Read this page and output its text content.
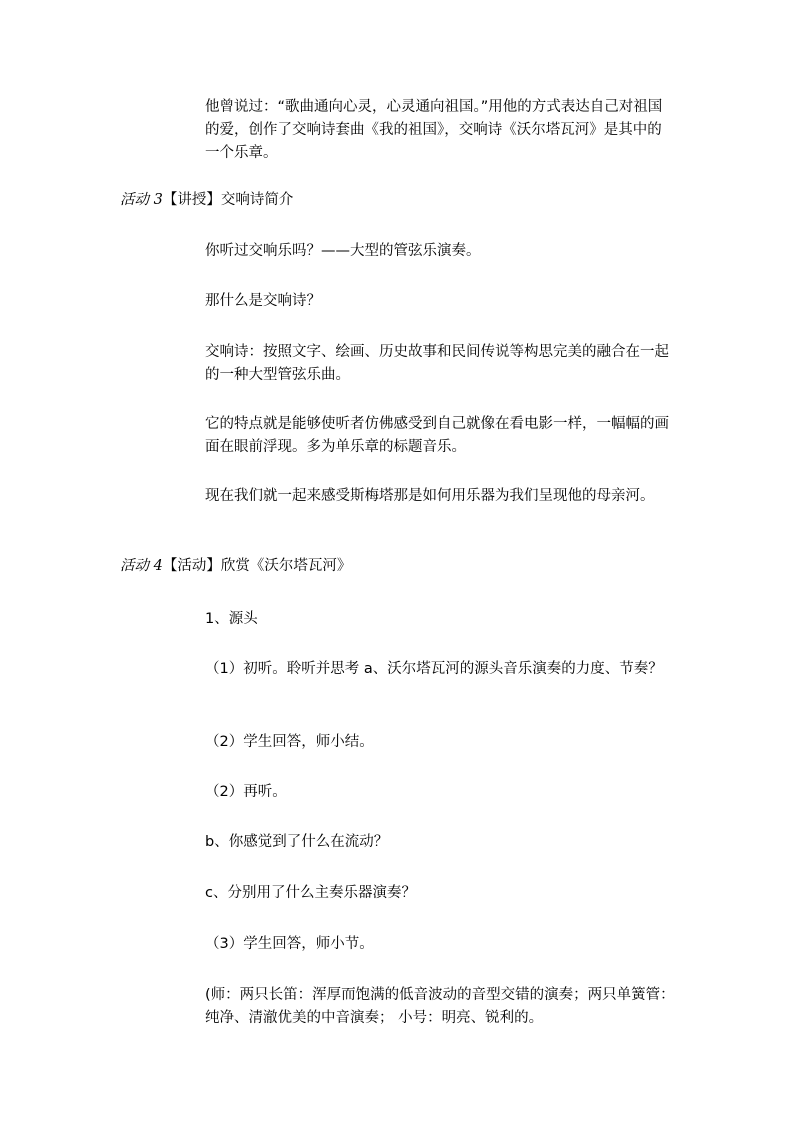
他曾说过：“歌曲通向心灵，心灵通向祖国。”用他的方式表达自己对祖国的爱，创作了交响诗套曲《我的祖国》，交响诗《沃尔塔瓦河》是其中的一个乐章。

活动 3【讲授】交响诗简介

你听过交响乐吗？——大型的管弦乐演奏。

那什么是交响诗？

交响诗：按照文字、绘画、历史故事和民间传说等构思完美的融合在一起的一种大型管弦乐曲。

它的特点就是能够使听者仿佛感受到自己就像在看电影一样，一幅幅的画面在眼前浮现。多为单乐章的标题音乐。

现在我们就一起来感受斯梅塔那是如何用乐器为我们呈现他的母亲河。

活动 4【活动】欣赏《沃尔塔瓦河》

1、源头

（1）初听。聆听并思考 a、沃尔塔瓦河的源头音乐演奏的力度、节奏？

（2）学生回答，师小结。

（2）再听。

b、你感觉到了什么在流动？

c、分别用了什么主奏乐器演奏？

（3）学生回答，师小节。

(师：两只长笛：浑厚而饱满的低音波动的音型交错的演奏；两只单簧管：纯净、清澈优美的中音演奏； 小号：明亮、锐利的。
